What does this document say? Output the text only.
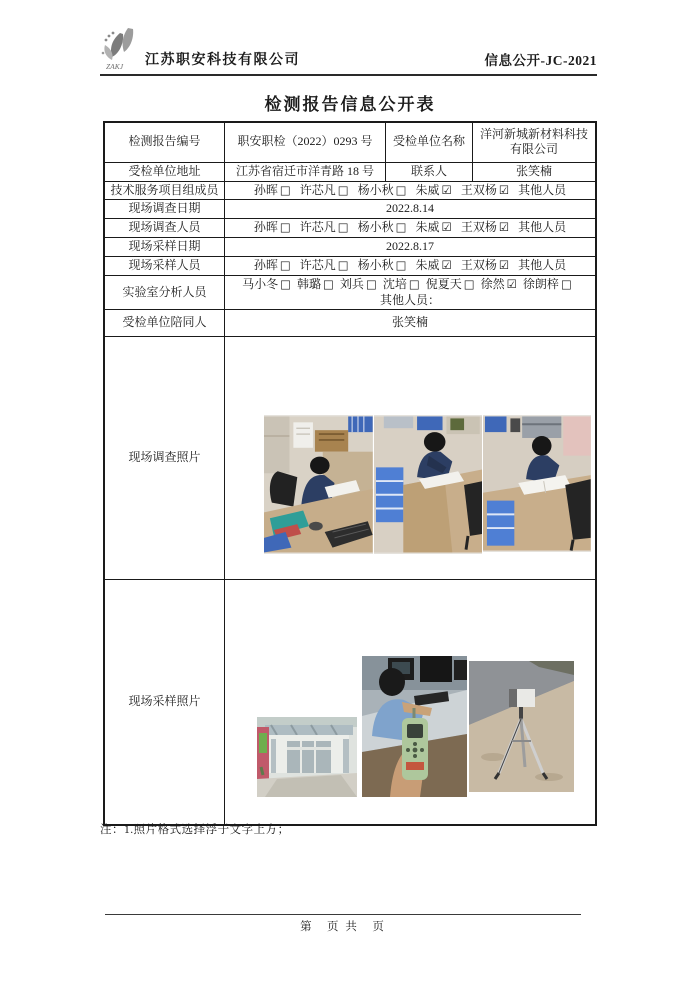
ZAKJ 江苏职安科技有限公司	信息公开-JC-2021
检测报告信息公开表
检测报告编号	职安职检（2022）0293 号	受检单位名称	洋河新城新材料科技有限公司
受检单位地址	江苏省宿迁市洋青路 18 号	联系人	张笑楠
技术服务项目组成员	孙晖 □ 许芯凡 □ 杨小秋 □ 朱威 ☑ 王双杨 ☑ 其他人员		
现场调查日期	2022.8.14		
现场调查人员	孙晖 □ 许芯凡 □ 杨小秋 □ 朱威 ☑ 王双杨 ☑ 其他人员		
现场采样日期	2022.8.17		
现场采样人员	孙晖 □ 许芯凡 □ 杨小秋 □ 朱威 ☑ 王双杨 ☑ 其他人员		
实验室分析人员	马小冬 □ 韩璐 □ 刘兵 □ 沈培 □ 倪夏天 □ 徐然 ☑ 徐朗梓 □
其他人员：		

受检单位陪同人	张笑楠		
现场调查照片	

现场采样照片	
注：1.照片格式选择浮于文字上方；
第　页 共　页
